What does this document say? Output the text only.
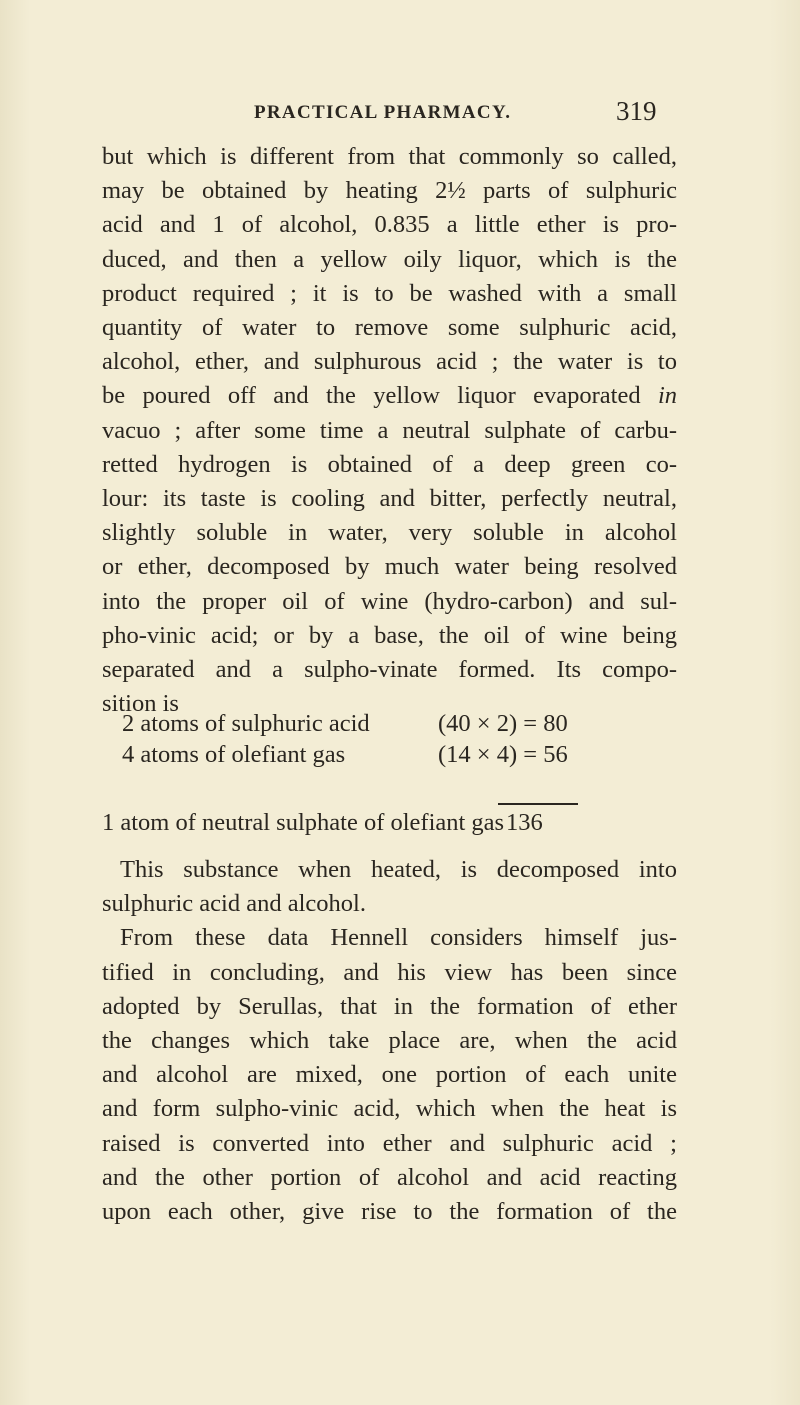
PRACTICAL PHARMACY.	319
but which is different from that commonly so called,
may be obtained by heating 2½ parts of sulphuric
acid and 1 of alcohol, 0.835 a little ether is pro-
duced, and then a yellow oily liquor, which is the
product required ; it is to be washed with a small
quantity of water to remove some sulphuric acid,
alcohol, ether, and sulphurous acid ; the water is to
be poured off and the yellow liquor evaporated in
vacuo ; after some time a neutral sulphate of carbu-
retted hydrogen is obtained of a deep green co-
lour: its taste is cooling and bitter, perfectly neutral,
slightly soluble in water, very soluble in alcohol
or ether, decomposed by much water being resolved
into the proper oil of wine (hydro-carbon) and sul-
pho-vinic acid; or by a base, the oil of wine being
separated and a sulpho-vinate formed. Its compo-
sition is
2 atoms of sulphuric acid	(40 × 2) = 80
4 atoms of olefiant gas	(14 × 4) = 56
1 atom of neutral sulphate of olefiant gas 136
This substance when heated, is decomposed into
sulphuric acid and alcohol.
From these data Hennell considers himself jus-
tified in concluding, and his view has been since
adopted by Serullas, that in the formation of ether
the changes which take place are, when the acid
and alcohol are mixed, one portion of each unite
and form sulpho-vinic acid, which when the heat is
raised is converted into ether and sulphuric acid ;
and the other portion of alcohol and acid reacting
upon each other, give rise to the formation of the
